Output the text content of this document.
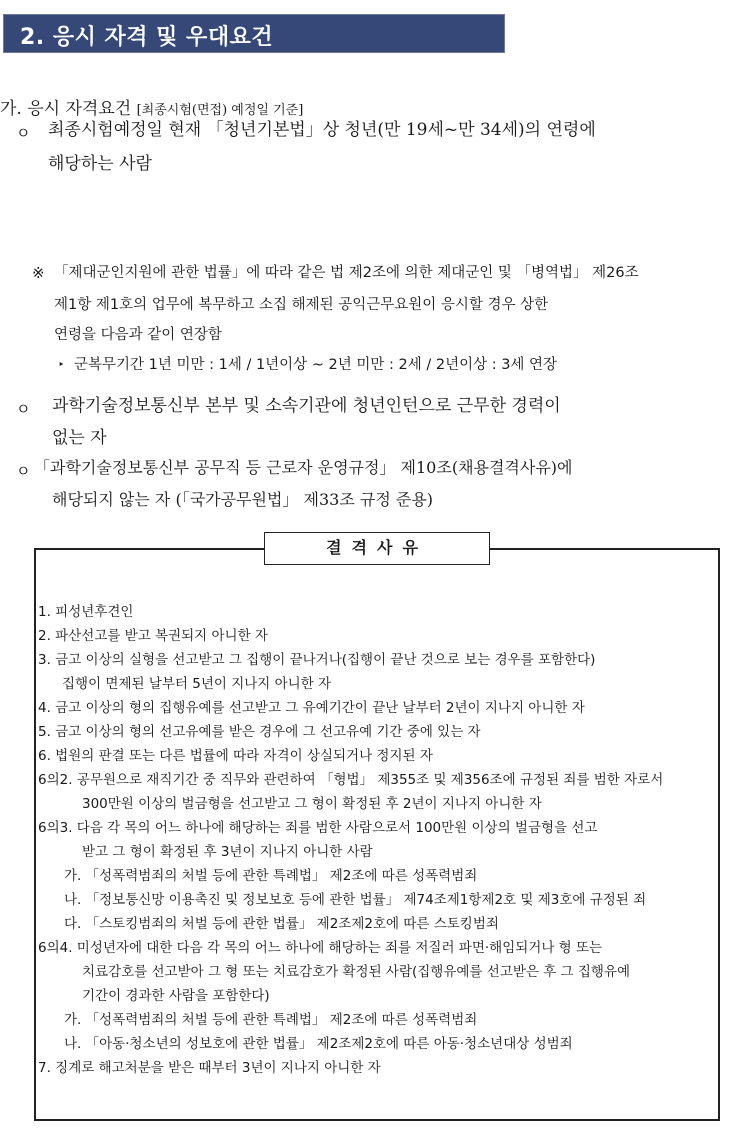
2. 응시 자격 및 우대요건
가. 응시 자격요건 [최종시험(면접) 예정일 기준]
ㅇ 최종시험예정일 현재 「청년기본법」상 청년(만 19세~만 34세)의 연령에
해당하는 사람
※ 「제대군인지원에 관한 법률」에 따라 같은 법 제2조에 의한 제대군인 및 「병역법」 제26조
제1항 제1호의 업무에 복무하고 소집 해제된 공익근무요원이 응시할 경우 상한
연령을 다음과 같이 연장함
‣ 군복무기간 1년 미만 : 1세 / 1년이상 ~ 2년 미만 : 2세 / 2년이상 : 3세 연장
ㅇ 과학기술정보통신부 본부 및 소속기관에 청년인턴으로 근무한 경력이
없는 자
ㅇ 「과학기술정보통신부 공무직 등 근로자 운영규정」 제10조(채용결격사유)에
해당되지 않는 자 (「국가공무원법」 제33조 규정 준용)
결격사유
1. 피성년후견인
2. 파산선고를 받고 복권되지 아니한 자
3. 금고 이상의 실형을 선고받고 그 집행이 끝나거나(집행이 끝난 것으로 보는 경우를 포함한다)
집행이 면제된 날부터 5년이 지나지 아니한 자
4. 금고 이상의 형의 집행유예를 선고받고 그 유예기간이 끝난 날부터 2년이 지나지 아니한 자
5. 금고 이상의 형의 선고유예를 받은 경우에 그 선고유예 기간 중에 있는 자
6. 법원의 판결 또는 다른 법률에 따라 자격이 상실되거나 정지된 자
6의2. 공무원으로 재직기간 중 직무와 관련하여 「형법」 제355조 및 제356조에 규정된 죄를 범한 자로서
300만원 이상의 벌금형을 선고받고 그 형이 확정된 후 2년이 지나지 아니한 자
6의3. 다음 각 목의 어느 하나에 해당하는 죄를 범한 사람으로서 100만원 이상의 벌금형을 선고
받고 그 형이 확정된 후 3년이 지나지 아니한 사람
가. 「성폭력범죄의 처벌 등에 관한 특례법」 제2조에 따른 성폭력범죄
나. 「정보통신망 이용촉진 및 정보보호 등에 관한 법률」 제74조제1항제2호 및 제3호에 규정된 죄
다. 「스토킹범죄의 처벌 등에 관한 법률」 제2조제2호에 따른 스토킹범죄
6의4. 미성년자에 대한 다음 각 목의 어느 하나에 해당하는 죄를 저질러 파면·해임되거나 형 또는
치료감호를 선고받아 그 형 또는 치료감호가 확정된 사람(집행유예를 선고받은 후 그 집행유예
기간이 경과한 사람을 포함한다)
가. 「성폭력범죄의 처벌 등에 관한 특례법」 제2조에 따른 성폭력범죄
나. 「아동·청소년의 성보호에 관한 법률」 제2조제2호에 따른 아동·청소년대상 성범죄
7. 징계로 해고처분을 받은 때부터 3년이 지나지 아니한 자
